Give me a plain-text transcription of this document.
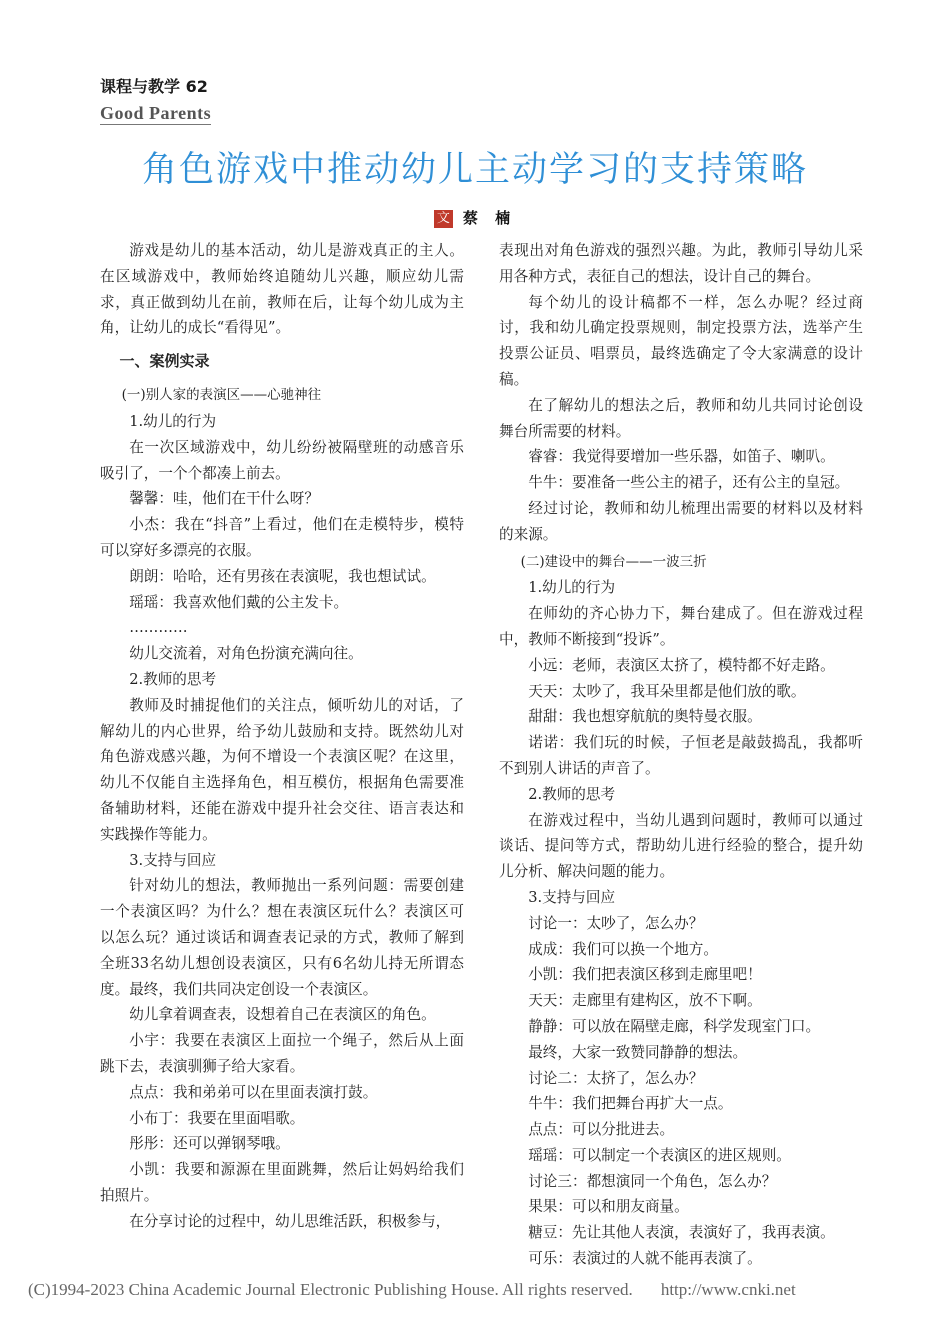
课程与教学 62
Good Parents
角色游戏中推动幼儿主动学习的支持策略
文 蔡 楠

游戏是幼儿的基本活动，幼儿是游戏真正的主人。在区域游戏中，教师始终追随幼儿兴趣，顺应幼儿需求，真正做到幼儿在前，教师在后，让每个幼儿成为主角，让幼儿的成长“看得见”。

一、案例实录

(一)别人家的表演区——心驰神往

1.幼儿的行为

在一次区域游戏中，幼儿纷纷被隔壁班的动感音乐吸引了，一个个都凑上前去。

馨馨：哇，他们在干什么呀？

小杰：我在“抖音”上看过，他们在走模特步，模特可以穿好多漂亮的衣服。

朗朗：哈哈，还有男孩在表演呢，我也想试试。

瑶瑶：我喜欢他们戴的公主发卡。

…………

幼儿交流着，对角色扮演充满向往。

2.教师的思考

教师及时捕捉他们的关注点，倾听幼儿的对话，了解幼儿的内心世界，给予幼儿鼓励和支持。既然幼儿对角色游戏感兴趣，为何不增设一个表演区呢？在这里，幼儿不仅能自主选择角色，相互模仿，根据角色需要准备辅助材料，还能在游戏中提升社会交往、语言表达和实践操作等能力。

3.支持与回应

针对幼儿的想法，教师抛出一系列问题：需要创建一个表演区吗？为什么？想在表演区玩什么？表演区可以怎么玩？通过谈话和调查表记录的方式，教师了解到全班33名幼儿想创设表演区，只有6名幼儿持无所谓态度。最终，我们共同决定创设一个表演区。

幼儿拿着调查表，设想着自己在表演区的角色。

小宇：我要在表演区上面拉一个绳子，然后从上面跳下去，表演驯狮子给大家看。

点点：我和弟弟可以在里面表演打鼓。

小布丁：我要在里面唱歌。

彤彤：还可以弹钢琴哦。

小凯：我要和源源在里面跳舞，然后让妈妈给我们拍照片。

在分享讨论的过程中，幼儿思维活跃，积极参与，

表现出对角色游戏的强烈兴趣。为此，教师引导幼儿采用各种方式，表征自己的想法，设计自己的舞台。

每个幼儿的设计稿都不一样，怎么办呢？经过商讨，我和幼儿确定投票规则，制定投票方法，选举产生投票公证员、唱票员，最终选确定了令大家满意的设计稿。

在了解幼儿的想法之后，教师和幼儿共同讨论创设舞台所需要的材料。

睿睿：我觉得要增加一些乐器，如笛子、喇叭。

牛牛：要准备一些公主的裙子，还有公主的皇冠。

经过讨论，教师和幼儿梳理出需要的材料以及材料的来源。

(二)建设中的舞台——一波三折

1.幼儿的行为

在师幼的齐心协力下，舞台建成了。但在游戏过程中，教师不断接到“投诉”。

小远：老师，表演区太挤了，模特都不好走路。

天天：太吵了，我耳朵里都是他们放的歌。

甜甜：我也想穿航航的奥特曼衣服。

诺诺：我们玩的时候，子恒老是敲鼓捣乱，我都听不到别人讲话的声音了。

2.教师的思考

在游戏过程中，当幼儿遇到问题时，教师可以通过谈话、提问等方式，帮助幼儿进行经验的整合，提升幼儿分析、解决问题的能力。

3.支持与回应

讨论一：太吵了，怎么办？

成成：我们可以换一个地方。

小凯：我们把表演区移到走廊里吧！

天天：走廊里有建构区，放不下啊。

静静：可以放在隔壁走廊，科学发现室门口。

最终，大家一致赞同静静的想法。

讨论二：太挤了，怎么办？

牛牛：我们把舞台再扩大一点。

点点：可以分批进去。

瑶瑶：可以制定一个表演区的进区规则。

讨论三：都想演同一个角色，怎么办？

果果：可以和朋友商量。

糖豆：先让其他人表演，表演好了，我再表演。

可乐：表演过的人就不能再表演了。

(C)1994-2023 China Academic Journal Electronic Publishing House. All rights reserved. http://www.cnki.net
